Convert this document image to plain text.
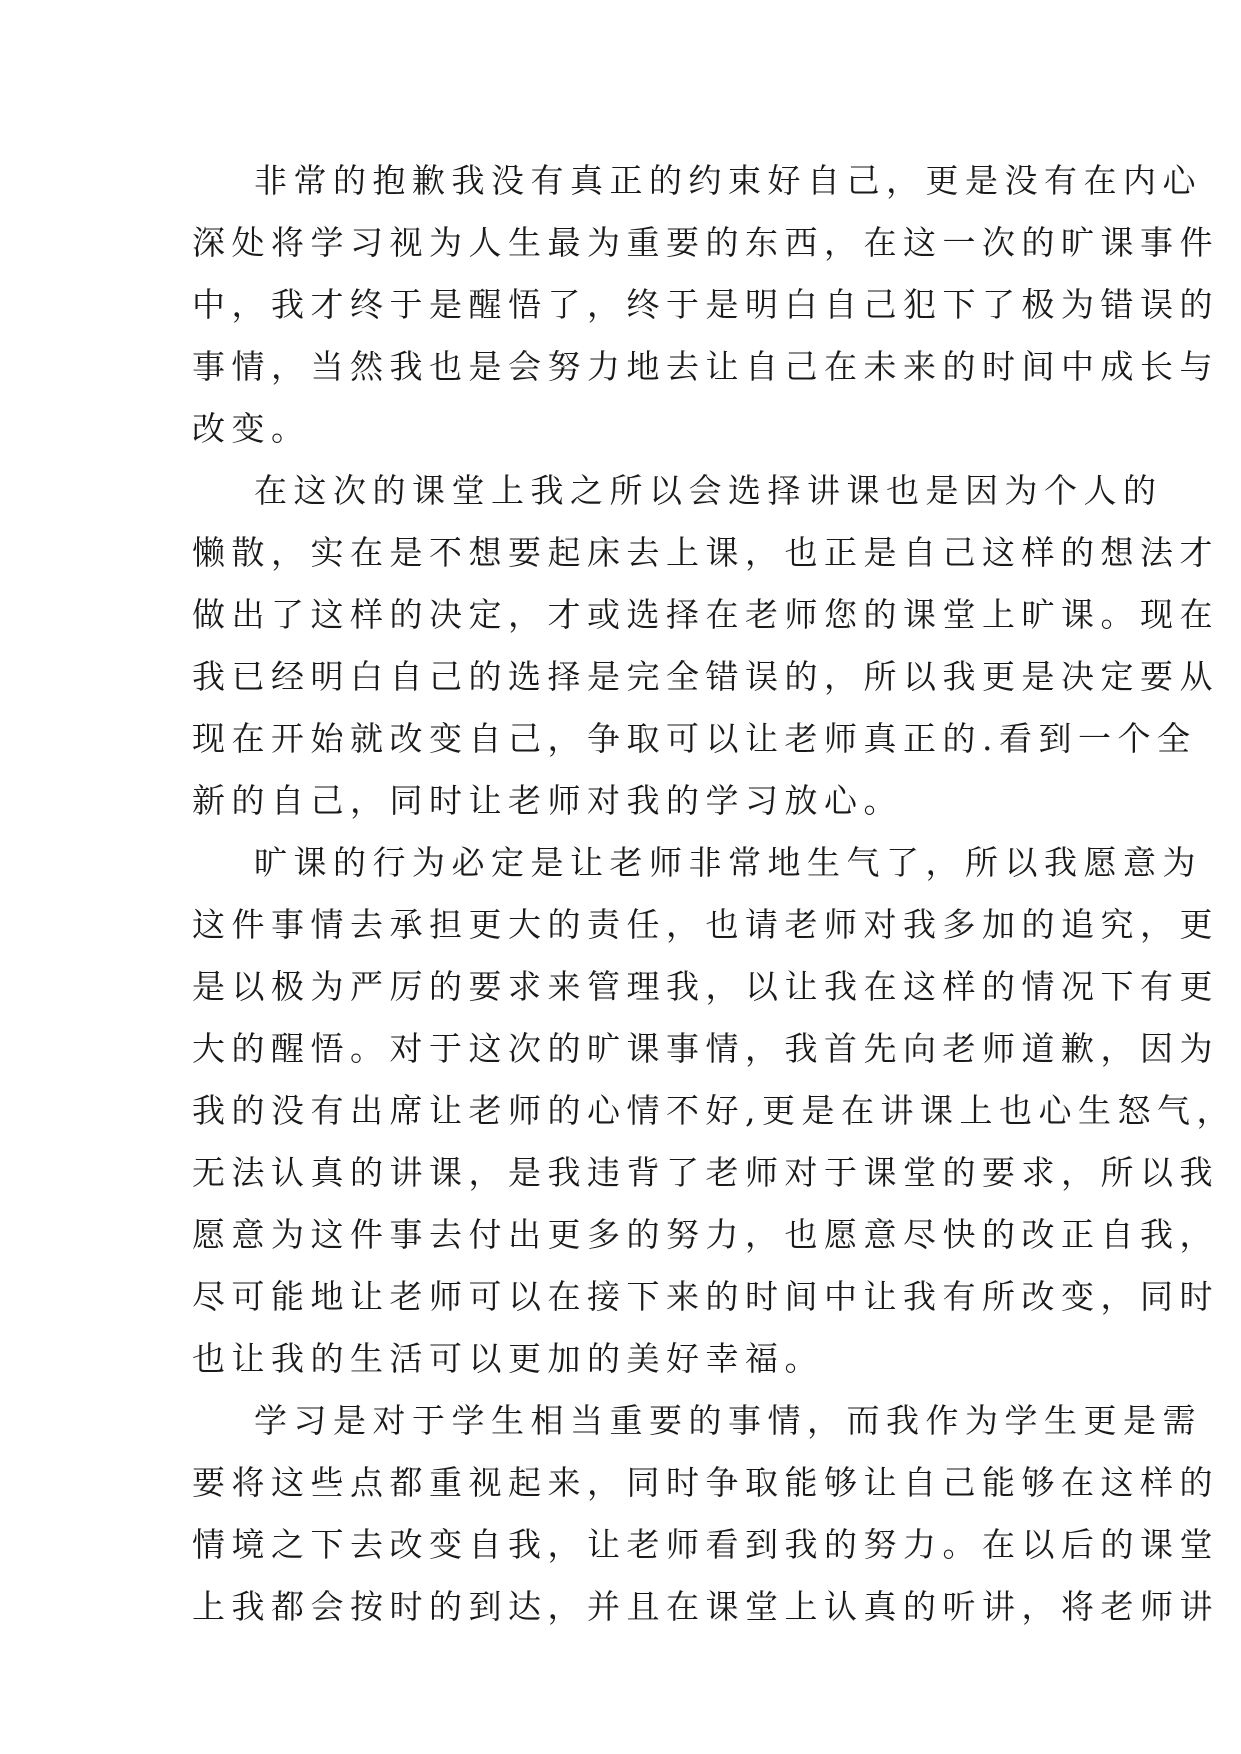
非常的抱歉我没有真正的约束好自己，更是没有在内心
深处将学习视为人生最为重要的东西，在这一次的旷课事件
中，我才终于是醒悟了，终于是明白自己犯下了极为错误的
事情，当然我也是会努力地去让自己在未来的时间中成长与
改变。
在这次的课堂上我之所以会选择讲课也是因为个人的
懒散，实在是不想要起床去上课，也正是自己这样的想法才
做出了这样的决定，才或选择在老师您的课堂上旷课。现在
我已经明白自己的选择是完全错误的，所以我更是决定要从
现在开始就改变自己，争取可以让老师真正的.看到一个全
新的自己，同时让老师对我的学习放心。
旷课的行为必定是让老师非常地生气了，所以我愿意为
这件事情去承担更大的责任，也请老师对我多加的追究，更
是以极为严厉的要求来管理我，以让我在这样的情况下有更
大的醒悟。对于这次的旷课事情，我首先向老师道歉，因为
我的没有出席让老师的心情不好,更是在讲课上也心生怒气，
无法认真的讲课，是我违背了老师对于课堂的要求，所以我
愿意为这件事去付出更多的努力，也愿意尽快的改正自我，
尽可能地让老师可以在接下来的时间中让我有所改变，同时
也让我的生活可以更加的美好幸福。
学习是对于学生相当重要的事情，而我作为学生更是需
要将这些点都重视起来，同时争取能够让自己能够在这样的
情境之下去改变自我，让老师看到我的努力。在以后的课堂
上我都会按时的到达，并且在课堂上认真的听讲，将老师讲
